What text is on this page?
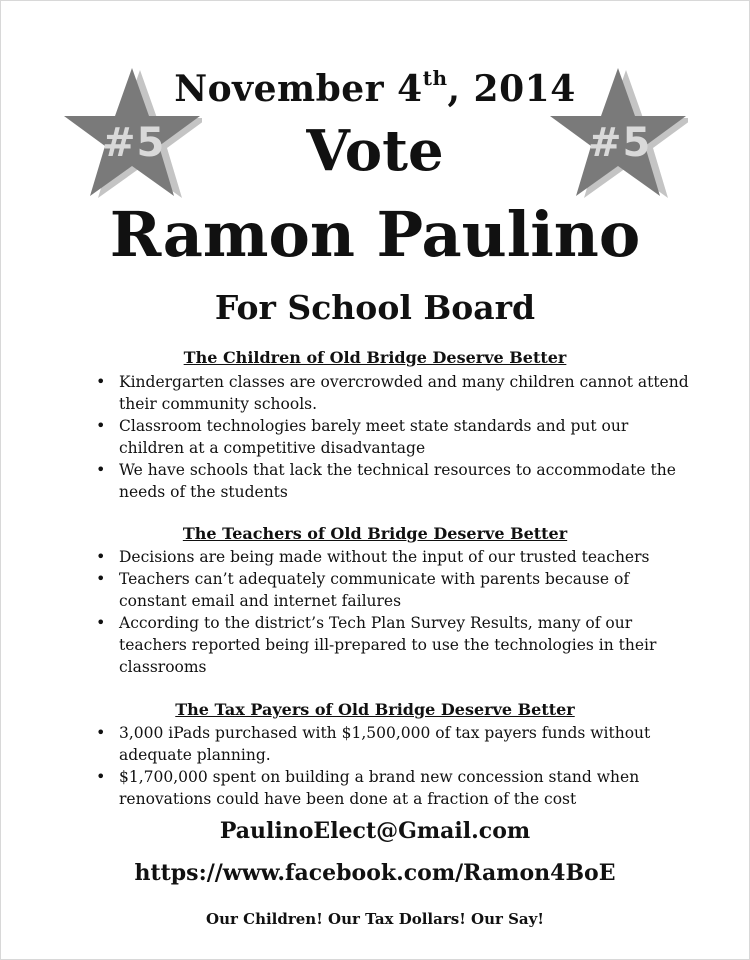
#5	#5
November 4th, 2014
Vote
Ramon Paulino
For School Board
The Children of Old Bridge Deserve Better
• Kindergarten classes are overcrowded and many children cannot attend their community schools.
• Classroom technologies barely meet state standards and put our children at a competitive disadvantage
• We have schools that lack the technical resources to accommodate the needs of the students
The Teachers of Old Bridge Deserve Better
• Decisions are being made without the input of our trusted teachers
• Teachers can’t adequately communicate with parents because of constant email and internet failures
• According to the district’s Tech Plan Survey Results, many of our teachers reported being ill-prepared to use the technologies in their classrooms
The Tax Payers of Old Bridge Deserve Better
• 3,000 iPads purchased with $1,500,000 of tax payers funds without adequate planning.
• $1,700,000 spent on building a brand new concession stand when renovations could have been done at a fraction of the cost
PaulinoElect@Gmail.com
https://www.facebook.com/Ramon4BoE
Our Children! Our Tax Dollars! Our Say!
